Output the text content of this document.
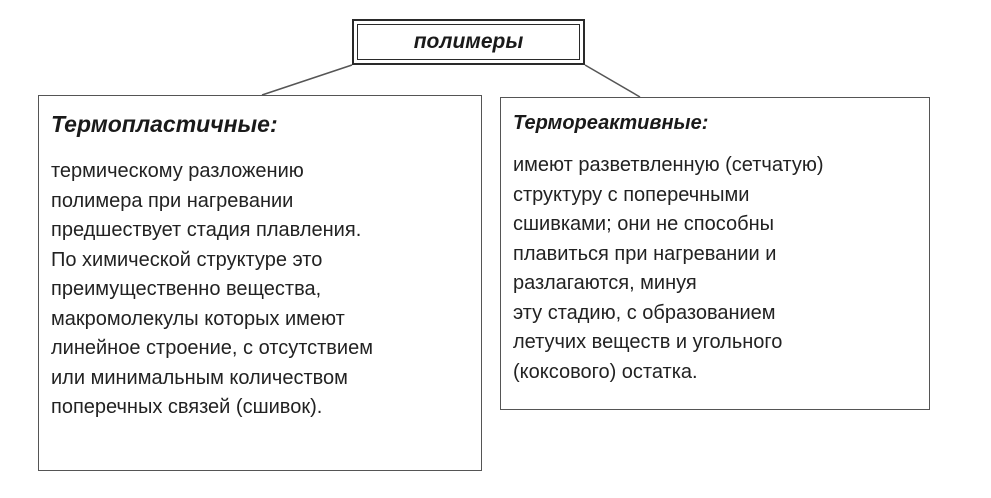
полимеры
Термопластичные:

термическому разложению
полимера при нагревании
предшествует стадия плавления.
По химической структуре это
преимущественно вещества,
макромолекулы которых имеют
линейное строение, с отсутствием
или минимальным количеством
поперечных связей (сшивок).

Термореактивные:

имеют разветвленную (сетчатую)
структуру с поперечными
сшивками; они не способны
плавиться при нагревании и
разлагаются, минуя
эту стадию, с образованием
летучих веществ и угольного
(коксового) остатка.
